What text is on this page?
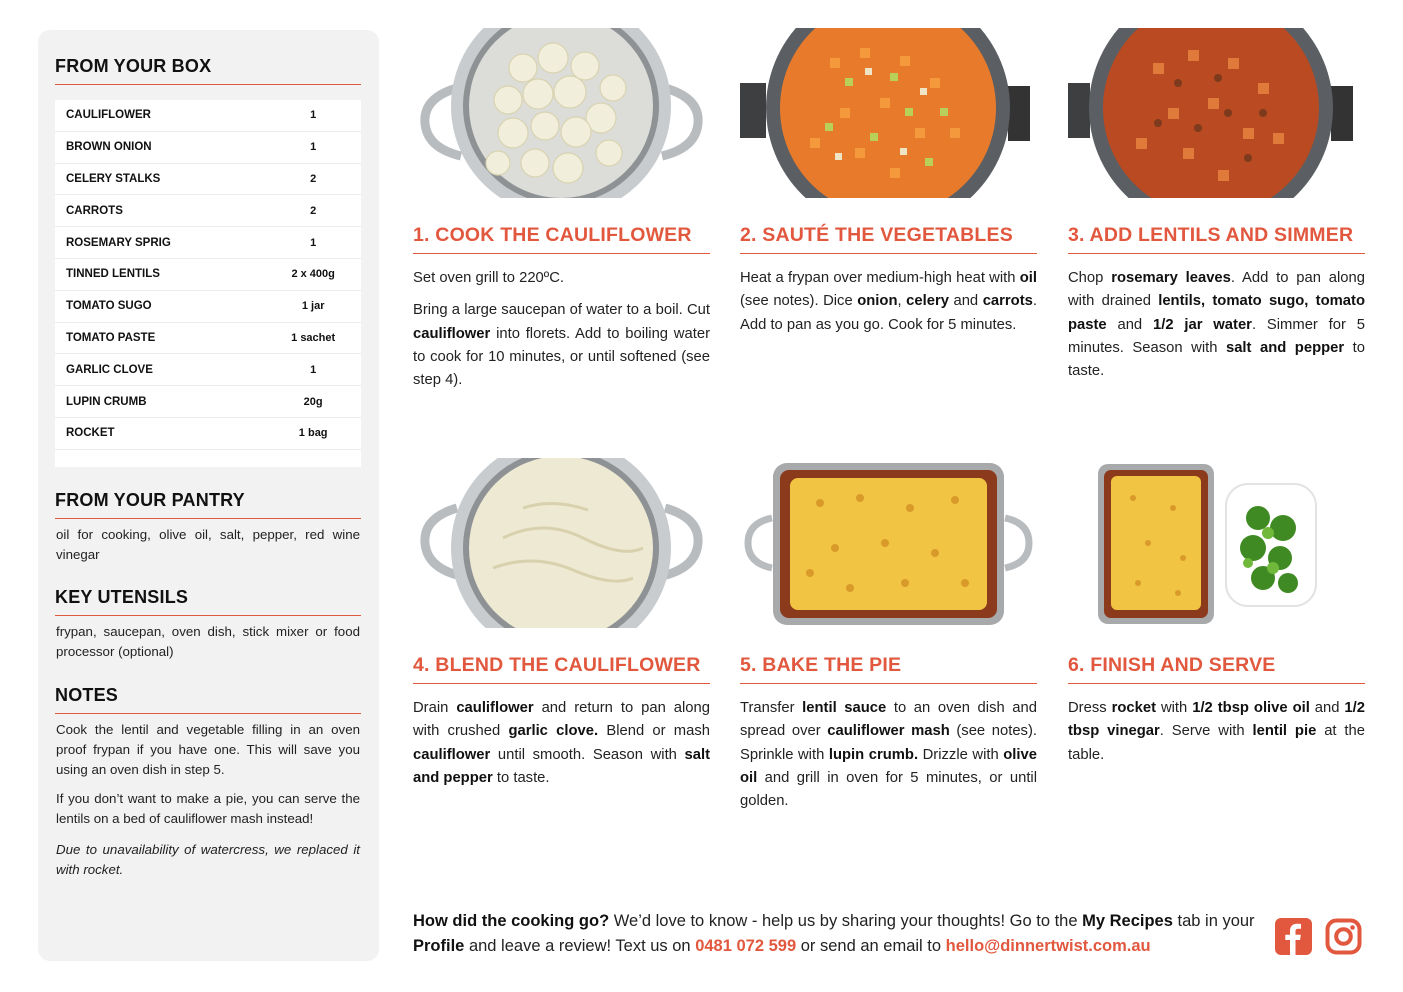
FROM YOUR BOX
CAULIFLOWER	1
BROWN ONION	1
CELERY STALKS	2
CARROTS	2
ROSEMARY SPRIG	1
TINNED LENTILS	2 x 400g
TOMATO SUGO	1 jar
TOMATO PASTE	1 sachet
GARLIC CLOVE	1
LUPIN CRUMB	20g
ROCKET	1 bag
FROM YOUR PANTRY
oil for cooking, olive oil, salt, pepper, red wine vinegar
KEY UTENSILS
frypan, saucepan, oven dish, stick mixer or food processor (optional)
NOTES

Cook the lentil and vegetable filling in an oven proof frypan if you have one. This will save you using an oven dish in step 5.

If you don’t want to make a pie, you can serve the lentils on a bed of cauliflower mash instead!

Due to unavailability of watercress, we replaced it with rocket.

1. COOK THE CAULIFLOWER

Set oven grill to 220ºC.

Bring a large saucepan of water to a boil. Cut cauliflower into florets. Add to boiling water to cook for 10 minutes, or until softened (see step 4).

2. SAUTÉ THE VEGETABLES

Heat a frypan over medium-high heat with oil (see notes). Dice onion, celery and carrots. Add to pan as you go. Cook for 5 minutes.

3. ADD LENTILS AND SIMMER

Chop rosemary leaves. Add to pan along with drained lentils, tomato sugo, tomato paste and 1/2 jar water. Simmer for 5 minutes. Season with salt and pepper to taste.

4. BLEND THE CAULIFLOWER

Drain cauliflower and return to pan along with crushed garlic clove. Blend or mash cauliflower until smooth. Season with salt and pepper to taste.

5. BAKE THE PIE

Transfer lentil sauce to an oven dish and spread over cauliflower mash (see notes). Sprinkle with lupin crumb. Drizzle with olive oil and grill in oven for 5 minutes, or until golden.

6. FINISH AND SERVE

Dress rocket with 1/2 tbsp olive oil and 1/2 tbsp vinegar. Serve with lentil pie at the table.

How did the cooking go? We’d love to know - help us by sharing your thoughts! Go to the My Recipes tab in your Profile and leave a review! Text us on 0481 072 599 or send an email to hello@dinnertwist.com.au
